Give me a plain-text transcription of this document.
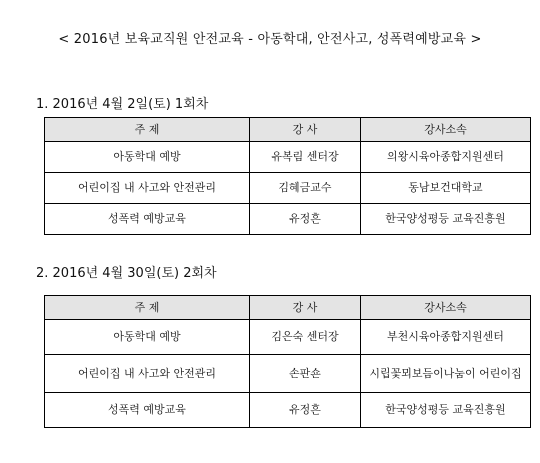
< 2016년 보육교직원 안전교육 - 아동학대, 안전사고, 성폭력예방교육 >
1. 2016년 4월 2일(토) 1회차
주 제	강 사	강사소속
아동학대 예방	유복림 센터장	의왕시육아종합지원센터
어린이집 내 사고와 안전관리	김혜금교수	동남보건대학교
성폭력 예방교육	유정흔	한국양성평등 교육진흥원
2. 2016년 4월 30일(토) 2회차
주 제	강 사	강사소속
아동학대 예방	김은숙 센터장	부천시육아종합지원센터
어린이집 내 사고와 안전관리	손판숀	시립꽃뫼보듬이나눔이 어린이집
성폭력 예방교육	유정흔	한국양성평등 교육진흥원
